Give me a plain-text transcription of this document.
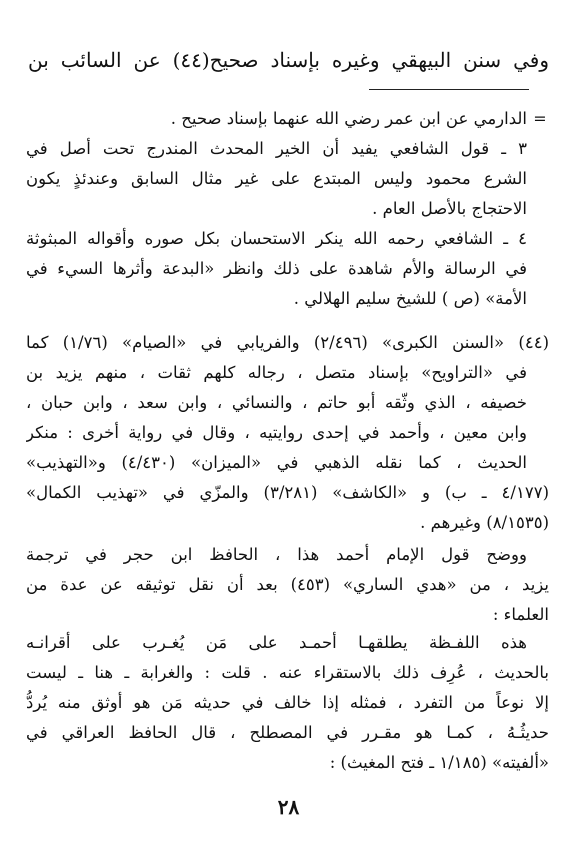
وفي سنن البيهقي وغيره بإسناد صحيح(٤٤) عن السائب بن
=
الدارمي عن ابن عمر رضي الله عنهما بإسناد صحيح .
٣ ـ قول الشافعي يفيد أن الخير المحدث المندرج تحت أصل في
الشرع محمود وليس المبتدع على غير مثال السابق وعندئذٍ يكون
الاحتجاج بالأصل العام .
٤ ـ الشافعي رحمه الله ينكر الاستحسان بكل صوره وأقواله المبثوثة
في الرسالة والأم شاهدة على ذلك وانظر «البدعة وأثرها السيء في
الأمة» (ص ) للشيخ سليم الهلالي .
(٤٤) «السنن الكبرى» (٢/٤٩٦) والفريابي في «الصيام» (١/٧٦) كما
في «التراويح» بإسناد متصل ، رجاله كلهم ثقات ، منهم يزيد بن
خصيفه ، الذي وثّقه أبو حاتم ، والنسائي ، وابن سعد ، وابن حبان ،
وابن معين ، وأحمد في إحدى روايتيه ، وقال في رواية أخرى : منكر
الحديث ، كما نقله الذهبي في «الميزان» (٤/٤٣٠) و«التهذيب»
(٤/١٧٧ ـ ب) و «الكاشف» (٣/٢٨١) والمزّي في «تهذيب الكمال»
(٨/١٥٣٥) وغيرهم .
ووضح قول الإمام أحمد هذا ، الحافظ ابن حجر في ترجمة
يزيد ، من «هدي الساري» (٤٥٣) بعد أن نقل توثيقه عن عدة من
العلماء :
هذه اللفـظة يطلقهـا أحمـد على مَن يُغـرب على أقرانـه
بالحديث ، عُرِف ذلك بالاستقراء عنه . قلت : والغرابة ـ هنا ـ ليست
إلا نوعاً من التفرد ، فمثله إذا خالف في حديثه مَن هو أوثق منه يُردُّ
حديثُـهُ ، كمـا هو مقـرر في المصطلح ، قال الحافظ العراقي في
«ألفيته» (١/١٨٥ ـ فتح المغيث) :
٢٨
